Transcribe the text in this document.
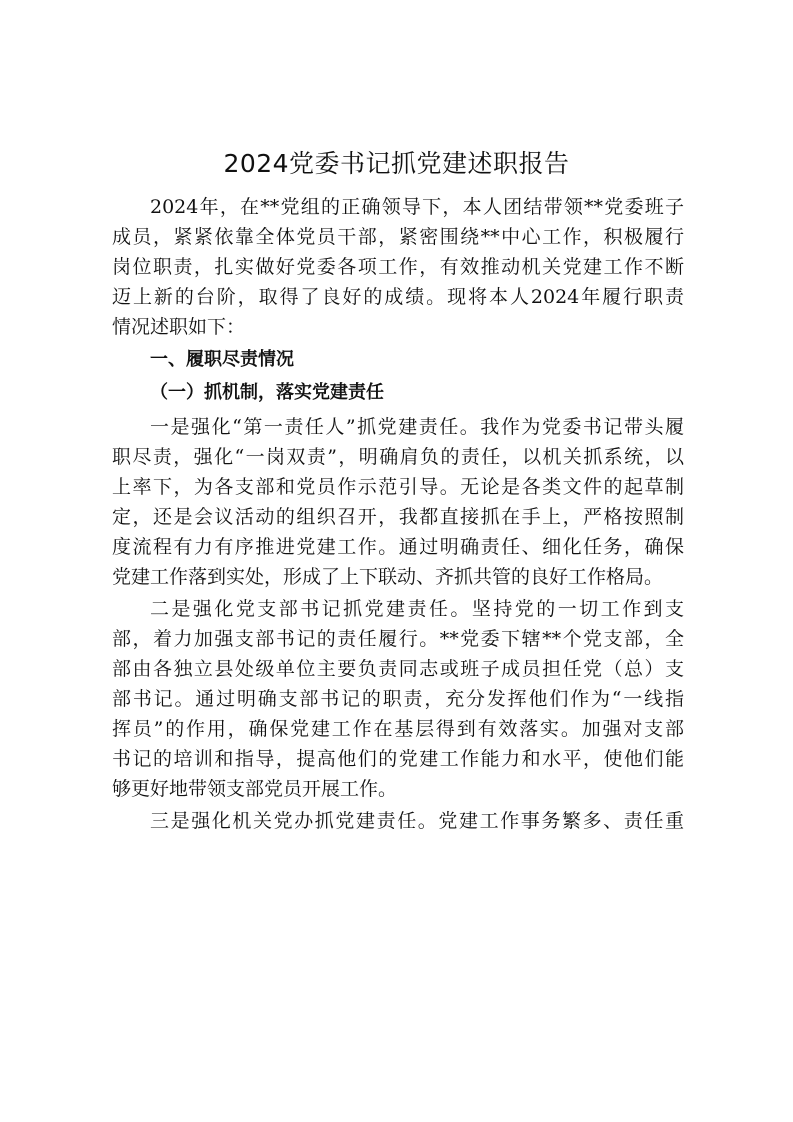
2024党委书记抓党建述职报告
2024年，在**党组的正确领导下，本人团结带领**党委班子
成员，紧紧依靠全体党员干部，紧密围绕**中心工作，积极履行
岗位职责，扎实做好党委各项工作，有效推动机关党建工作不断
迈上新的台阶，取得了良好的成绩。现将本人2024年履行职责
情况述职如下：
一、履职尽责情况
（一）抓机制，落实党建责任
一是强化“第一责任人”抓党建责任。我作为党委书记带头履
职尽责，强化“一岗双责”，明确肩负的责任，以机关抓系统，以
上率下，为各支部和党员作示范引导。无论是各类文件的起草制
定，还是会议活动的组织召开，我都直接抓在手上，严格按照制
度流程有力有序推进党建工作。通过明确责任、细化任务，确保
党建工作落到实处，形成了上下联动、齐抓共管的良好工作格局。
二是强化党支部书记抓党建责任。坚持党的一切工作到支
部，着力加强支部书记的责任履行。**党委下辖**个党支部，全
部由各独立县处级单位主要负责同志或班子成员担任党（总）支
部书记。通过明确支部书记的职责，充分发挥他们作为“一线指
挥员”的作用，确保党建工作在基层得到有效落实。加强对支部
书记的培训和指导，提高他们的党建工作能力和水平，使他们能
够更好地带领支部党员开展工作。
三是强化机关党办抓党建责任。党建工作事务繁多、责任重
